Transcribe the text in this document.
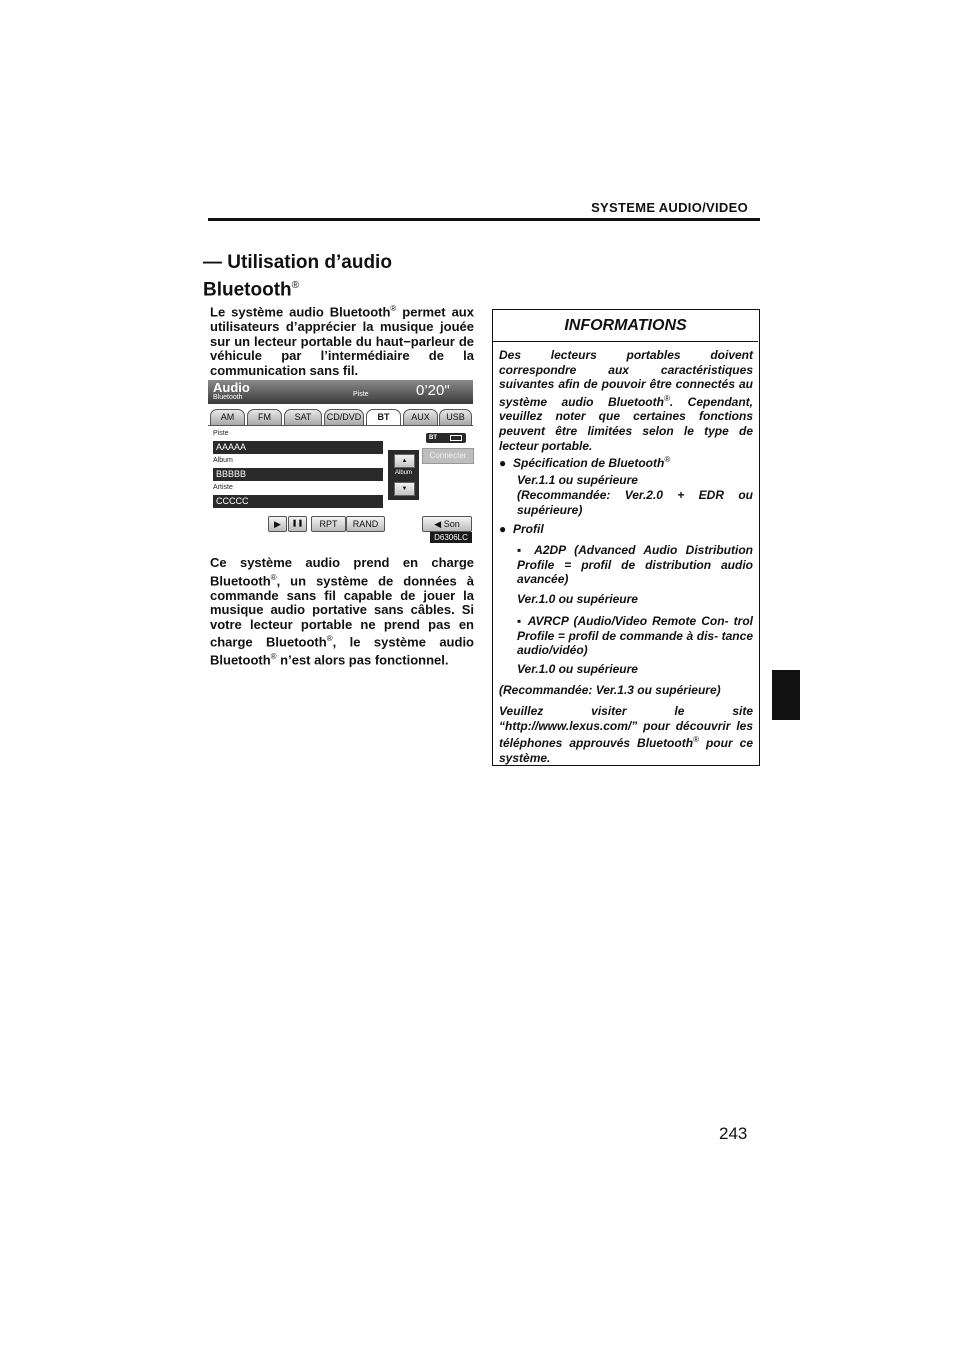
SYSTEME AUDIO/VIDEO
— Utilisation d’audio
Bluetooth®
Le système audio Bluetooth® permet aux utilisateurs d’apprécier la musique jouée sur un lecteur portable du haut−parleur de véhicule par l’intermédiaire de la communication sans fil.
Audio
Bluetooth	Piste	0’20"
AM	FM	SAT	CD/DVD	BT	AUX	USB
Piste
AAAAA
Album
BBBBB
Artiste
CCCCC
▲
Album
▼
BT
Connecter
▶	❚❚	RPT	RAND	◀ Son
D6306LC
Ce système audio prend en charge Bluetooth®, un système de données à commande sans fil capable de jouer la musique audio portative sans câbles. Si votre lecteur portable ne prend pas en charge Bluetooth®, le système audio Bluetooth® n’est alors pas fonctionnel.
INFORMATIONS
Des lecteurs portables doivent correspondre aux caractéristiques suivantes afin de pouvoir être connectés au système audio Bluetooth®. Cependant, veuillez noter que certaines fonctions peuvent être limitées selon le type de lecteur portable.
● Spécification de Bluetooth®
Ver.1.1 ou supérieure
(Recommandée: Ver.2.0 + EDR ou supérieure)
● Profil
▪ A2DP (Advanced Audio Distribution Profile = profil de distribution audio avancée)
Ver.1.0 ou supérieure
▪ AVRCP (Audio/Video Remote Con- trol Profile = profil de commande à dis- tance audio/vidéo)
Ver.1.0 ou supérieure
(Recommandée: Ver.1.3 ou supérieure)
Veuillez visiter le site “http://www.lexus.com/” pour découvrir les téléphones approuvés Bluetooth® pour ce système.
243
